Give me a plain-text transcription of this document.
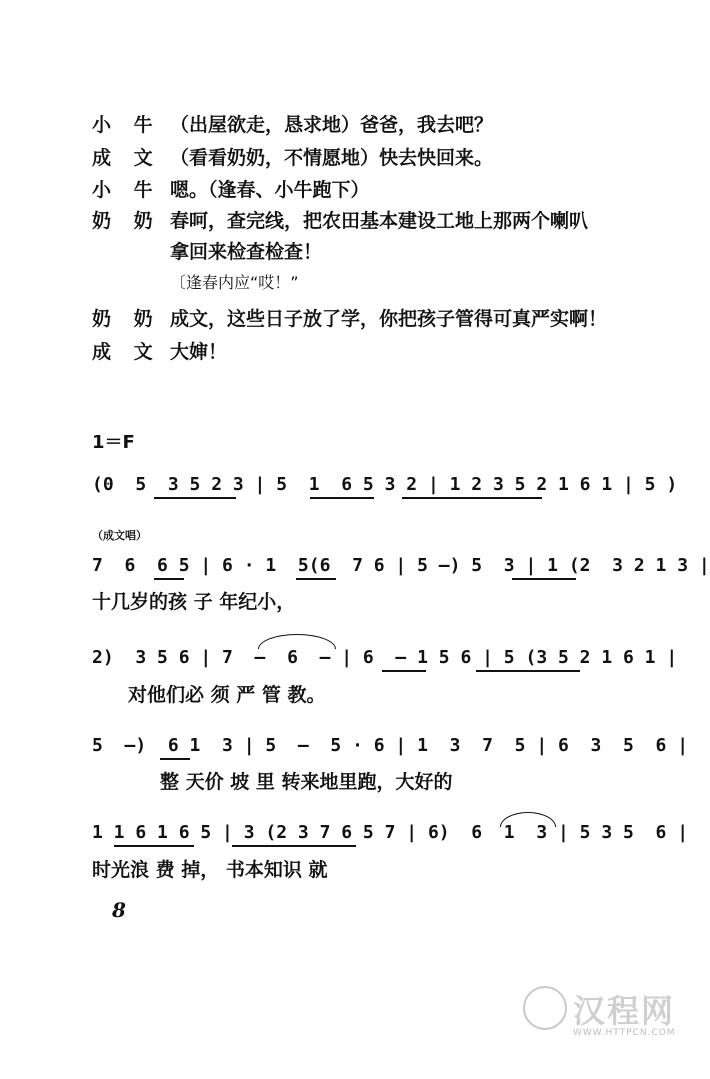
小 牛 （出屋欲走，恳求地）爸爸，我去吧？
成 文 （看看奶奶，不情愿地）快去快回来。
小 牛 嗯。（逢春、小牛跑下）
奶 奶 春呵，查完线，把农田基本建设工地上那两个喇叭
拿回来检查检查！
〔逢春内应“哎！”
奶 奶 成文，这些日子放了学，你把孩子管得可真严实啊！
成 文 大婶！
1＝F
(0  5  3 5 2 3 | 5  1  6 5 3 2 | 1 2 3 5 2 1 6 1 | 5 )
（成文唱）
7  6  6 5 | 6 · 1  5(6  7 6 | 5 —) 5  3 | 1 (2  3 2 1 3 |
十几岁的孩 子 年纪小，
2)  3 5 6 | 7  —  6  — | 6  — 1 5 6 | 5 (3 5 2 1 6 1 |
对他们必 须 严 管 教。
5  —)  6 1  3 | 5  —  5 · 6 | 1  3  7  5 | 6  3  5  6 |
整 天价 坡 里 转来地里跑，大好的
1 1 6 1 6 5 | 3 (2 3 7 6 5 7 | 6)  6  1  3 | 5 3 5  6 |
时光浪 费 掉， 书本知识 就
8
汉程网
WWW.HTTPCN.COM
